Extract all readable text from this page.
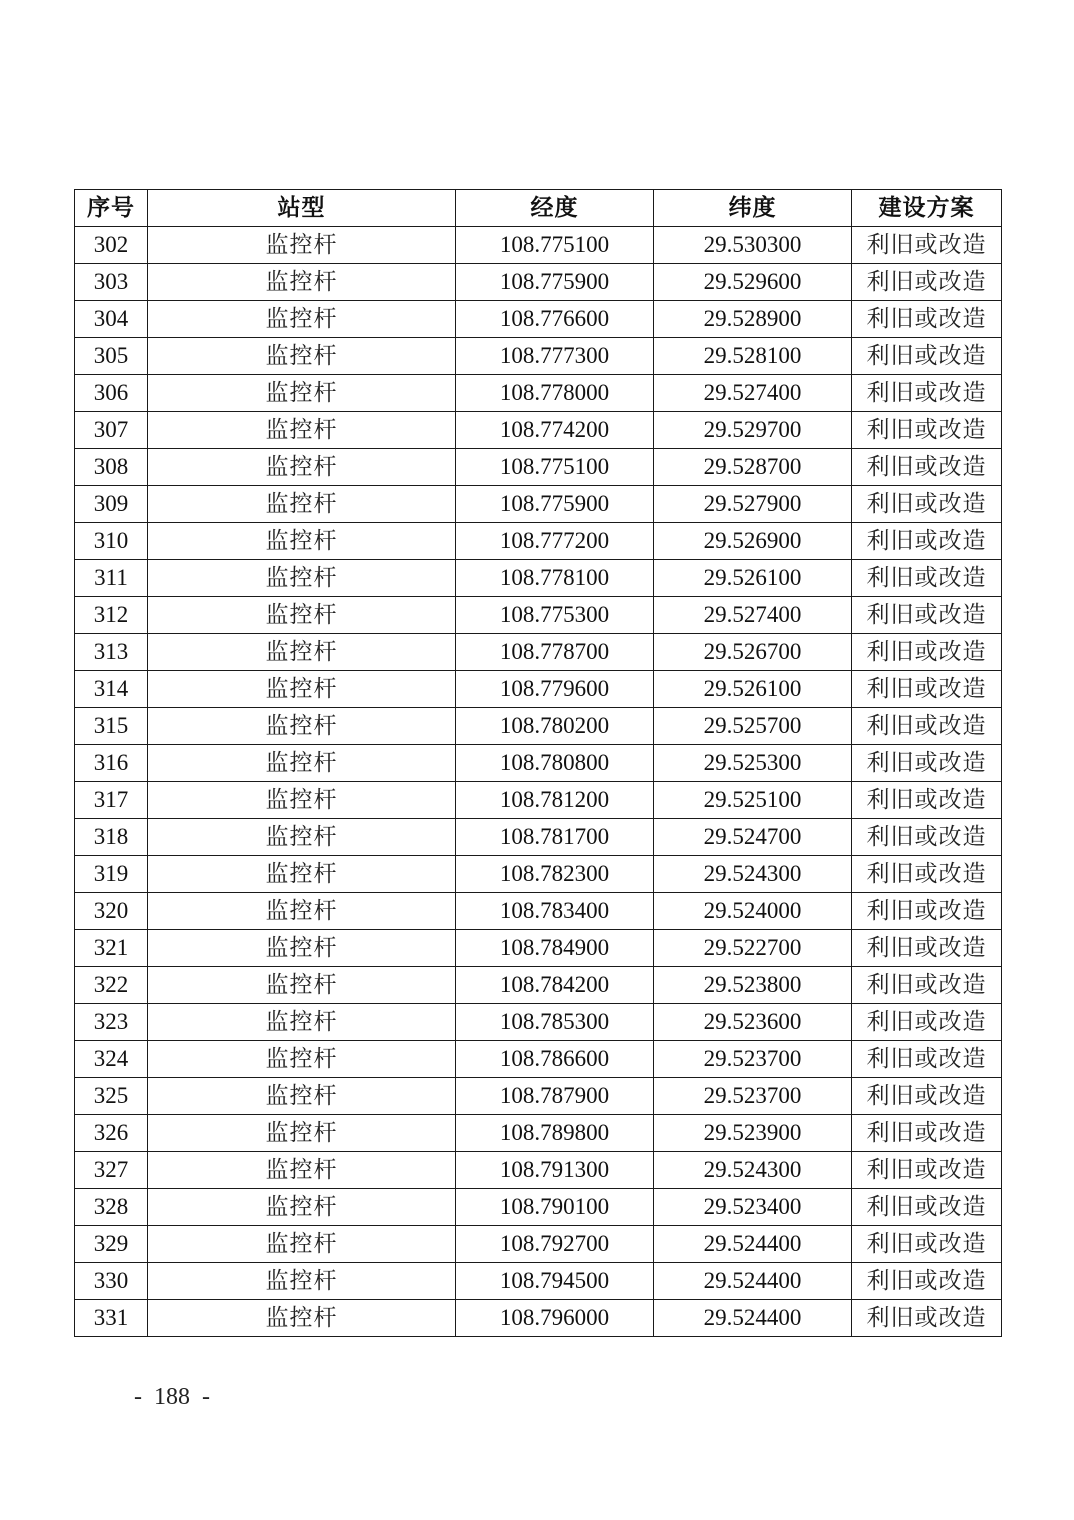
序号	站型	经度	纬度	建设方案
302	监控杆	108.775100	29.530300	利旧或改造
303	监控杆	108.775900	29.529600	利旧或改造
304	监控杆	108.776600	29.528900	利旧或改造
305	监控杆	108.777300	29.528100	利旧或改造
306	监控杆	108.778000	29.527400	利旧或改造
307	监控杆	108.774200	29.529700	利旧或改造
308	监控杆	108.775100	29.528700	利旧或改造
309	监控杆	108.775900	29.527900	利旧或改造
310	监控杆	108.777200	29.526900	利旧或改造
311	监控杆	108.778100	29.526100	利旧或改造
312	监控杆	108.775300	29.527400	利旧或改造
313	监控杆	108.778700	29.526700	利旧或改造
314	监控杆	108.779600	29.526100	利旧或改造
315	监控杆	108.780200	29.525700	利旧或改造
316	监控杆	108.780800	29.525300	利旧或改造
317	监控杆	108.781200	29.525100	利旧或改造
318	监控杆	108.781700	29.524700	利旧或改造
319	监控杆	108.782300	29.524300	利旧或改造
320	监控杆	108.783400	29.524000	利旧或改造
321	监控杆	108.784900	29.522700	利旧或改造
322	监控杆	108.784200	29.523800	利旧或改造
323	监控杆	108.785300	29.523600	利旧或改造
324	监控杆	108.786600	29.523700	利旧或改造
325	监控杆	108.787900	29.523700	利旧或改造
326	监控杆	108.789800	29.523900	利旧或改造
327	监控杆	108.791300	29.524300	利旧或改造
328	监控杆	108.790100	29.523400	利旧或改造
329	监控杆	108.792700	29.524400	利旧或改造
330	监控杆	108.794500	29.524400	利旧或改造
331	监控杆	108.796000	29.524400	利旧或改造
-  188  -
